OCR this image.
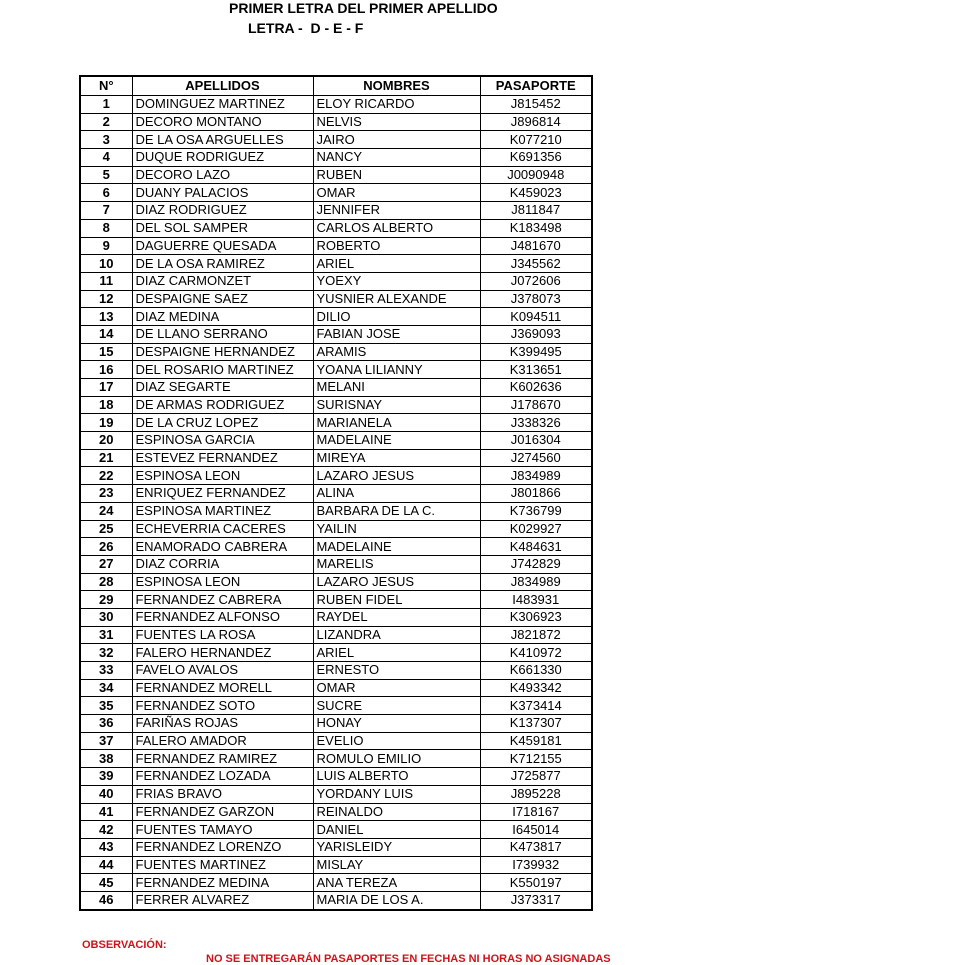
PRIMER LETRA DEL PRIMER APELLIDO
LETRA -  D - E - F
N°	APELLIDOS	NOMBRES	PASAPORTE
1	DOMINGUEZ MARTINEZ	ELOY RICARDO	J815452
2	DECORO MONTANO	NELVIS	J896814
3	DE LA OSA ARGUELLES	JAIRO	K077210
4	DUQUE RODRIGUEZ	NANCY	K691356
5	DECORO LAZO	RUBEN	J0090948
6	DUANY PALACIOS	OMAR	K459023
7	DIAZ RODRIGUEZ	JENNIFER	J811847
8	DEL SOL SAMPER	CARLOS ALBERTO	K183498
9	DAGUERRE QUESADA	ROBERTO	J481670
10	DE LA OSA RAMIREZ	ARIEL	J345562
11	DIAZ CARMONZET	YOEXY	J072606
12	DESPAIGNE SAEZ	YUSNIER ALEXANDE	J378073
13	DIAZ MEDINA	DILIO	K094511
14	DE LLANO SERRANO	FABIAN JOSE	J369093
15	DESPAIGNE HERNANDEZ	ARAMIS	K399495
16	DEL ROSARIO MARTINEZ	YOANA LILIANNY	K313651
17	DIAZ SEGARTE	MELANI	K602636
18	DE ARMAS RODRIGUEZ	SURISNAY	J178670
19	DE LA CRUZ LOPEZ	MARIANELA	J338326
20	ESPINOSA GARCIA	MADELAINE	J016304
21	ESTEVEZ FERNANDEZ	MIREYA	J274560
22	ESPINOSA LEON	LAZARO JESUS	J834989
23	ENRIQUEZ FERNANDEZ	ALINA	J801866
24	ESPINOSA MARTINEZ	BARBARA DE LA C.	K736799
25	ECHEVERRIA CACERES	YAILIN	K029927
26	ENAMORADO CABRERA	MADELAINE	K484631
27	DIAZ CORRIA	MARELIS	J742829
28	ESPINOSA LEON	LAZARO JESUS	J834989
29	FERNANDEZ CABRERA	RUBEN FIDEL	I483931
30	FERNANDEZ ALFONSO	RAYDEL	K306923
31	FUENTES LA ROSA	LIZANDRA	J821872
32	FALERO HERNANDEZ	ARIEL	K410972
33	FAVELO AVALOS	ERNESTO	K661330
34	FERNANDEZ MORELL	OMAR	K493342
35	FERNANDEZ SOTO	SUCRE	K373414
36	FARIÑAS ROJAS	HONAY	K137307
37	FALERO AMADOR	EVELIO	K459181
38	FERNANDEZ RAMIREZ	ROMULO EMILIO	K712155
39	FERNANDEZ LOZADA	LUIS ALBERTO	J725877
40	FRIAS BRAVO	YORDANY LUIS	J895228
41	FERNANDEZ GARZON	REINALDO	I718167
42	FUENTES TAMAYO	DANIEL	I645014
43	FERNANDEZ LORENZO	YARISLEIDY	K473817
44	FUENTES MARTINEZ	MISLAY	I739932
45	FERNANDEZ MEDINA	ANA TEREZA	K550197
46	FERRER ALVAREZ	MARIA DE LOS A.	J373317
OBSERVACIÓN:
NO SE ENTREGARÁN PASAPORTES EN FECHAS NI HORAS NO ASIGNADAS
